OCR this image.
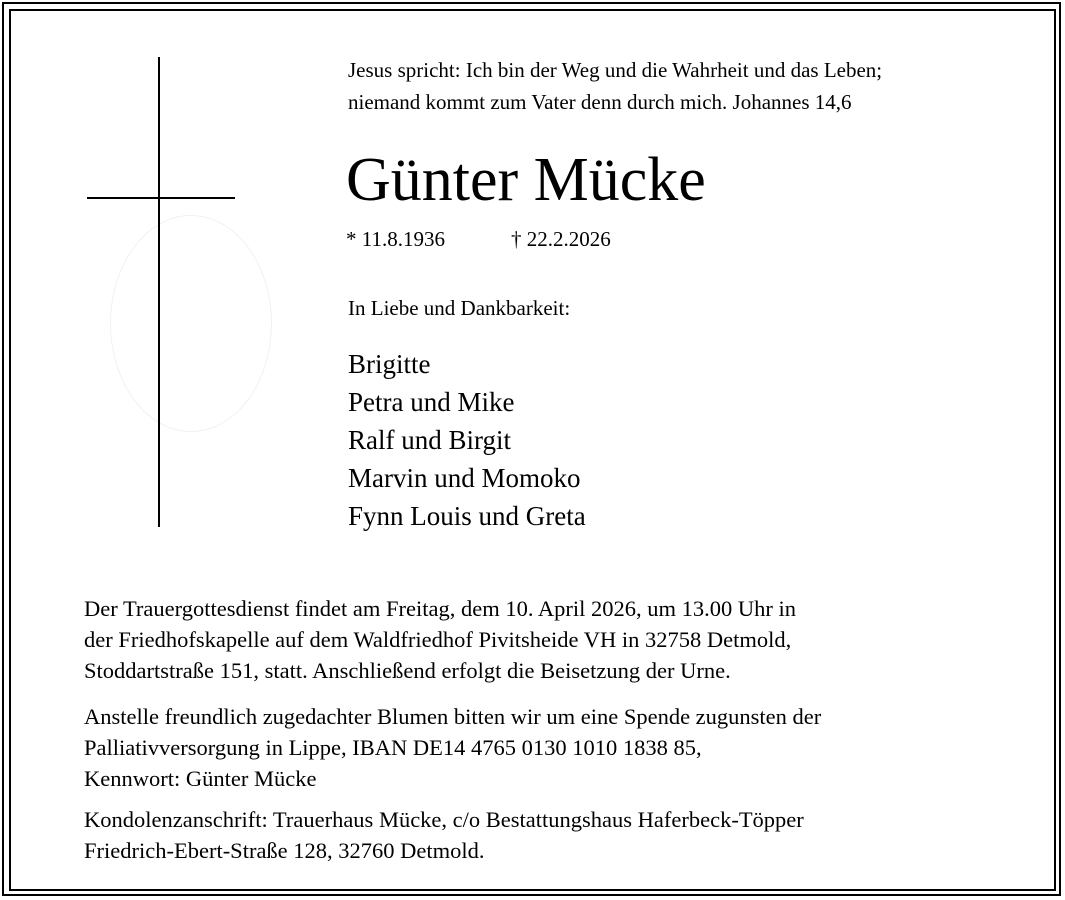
Jesus spricht: Ich bin der Weg und die Wahrheit und das Leben;
niemand kommt zum Vater denn durch mich. Johannes 14,6
Günter Mücke
* 11.8.1936	† 22.2.2026
In Liebe und Dankbarkeit:
Brigitte
Petra und Mike
Ralf und Birgit
Marvin und Momoko
Fynn Louis und Greta
Der Trauergottesdienst findet am Freitag, dem 10. April 2026, um 13.00 Uhr in
der Friedhofskapelle auf dem Waldfriedhof Pivitsheide VH in 32758 Detmold,
Stoddartstraße 151, statt. Anschließend erfolgt die Beisetzung der Urne.
Anstelle freundlich zugedachter Blumen bitten wir um eine Spende zugunsten der
Palliativversorgung in Lippe, IBAN DE14 4765 0130 1010 1838 85,
Kennwort: Günter Mücke
Kondolenzanschrift: Trauerhaus Mücke, c/o Bestattungshaus Haferbeck-Töpper
Friedrich-Ebert-Straße 128, 32760 Detmold.
